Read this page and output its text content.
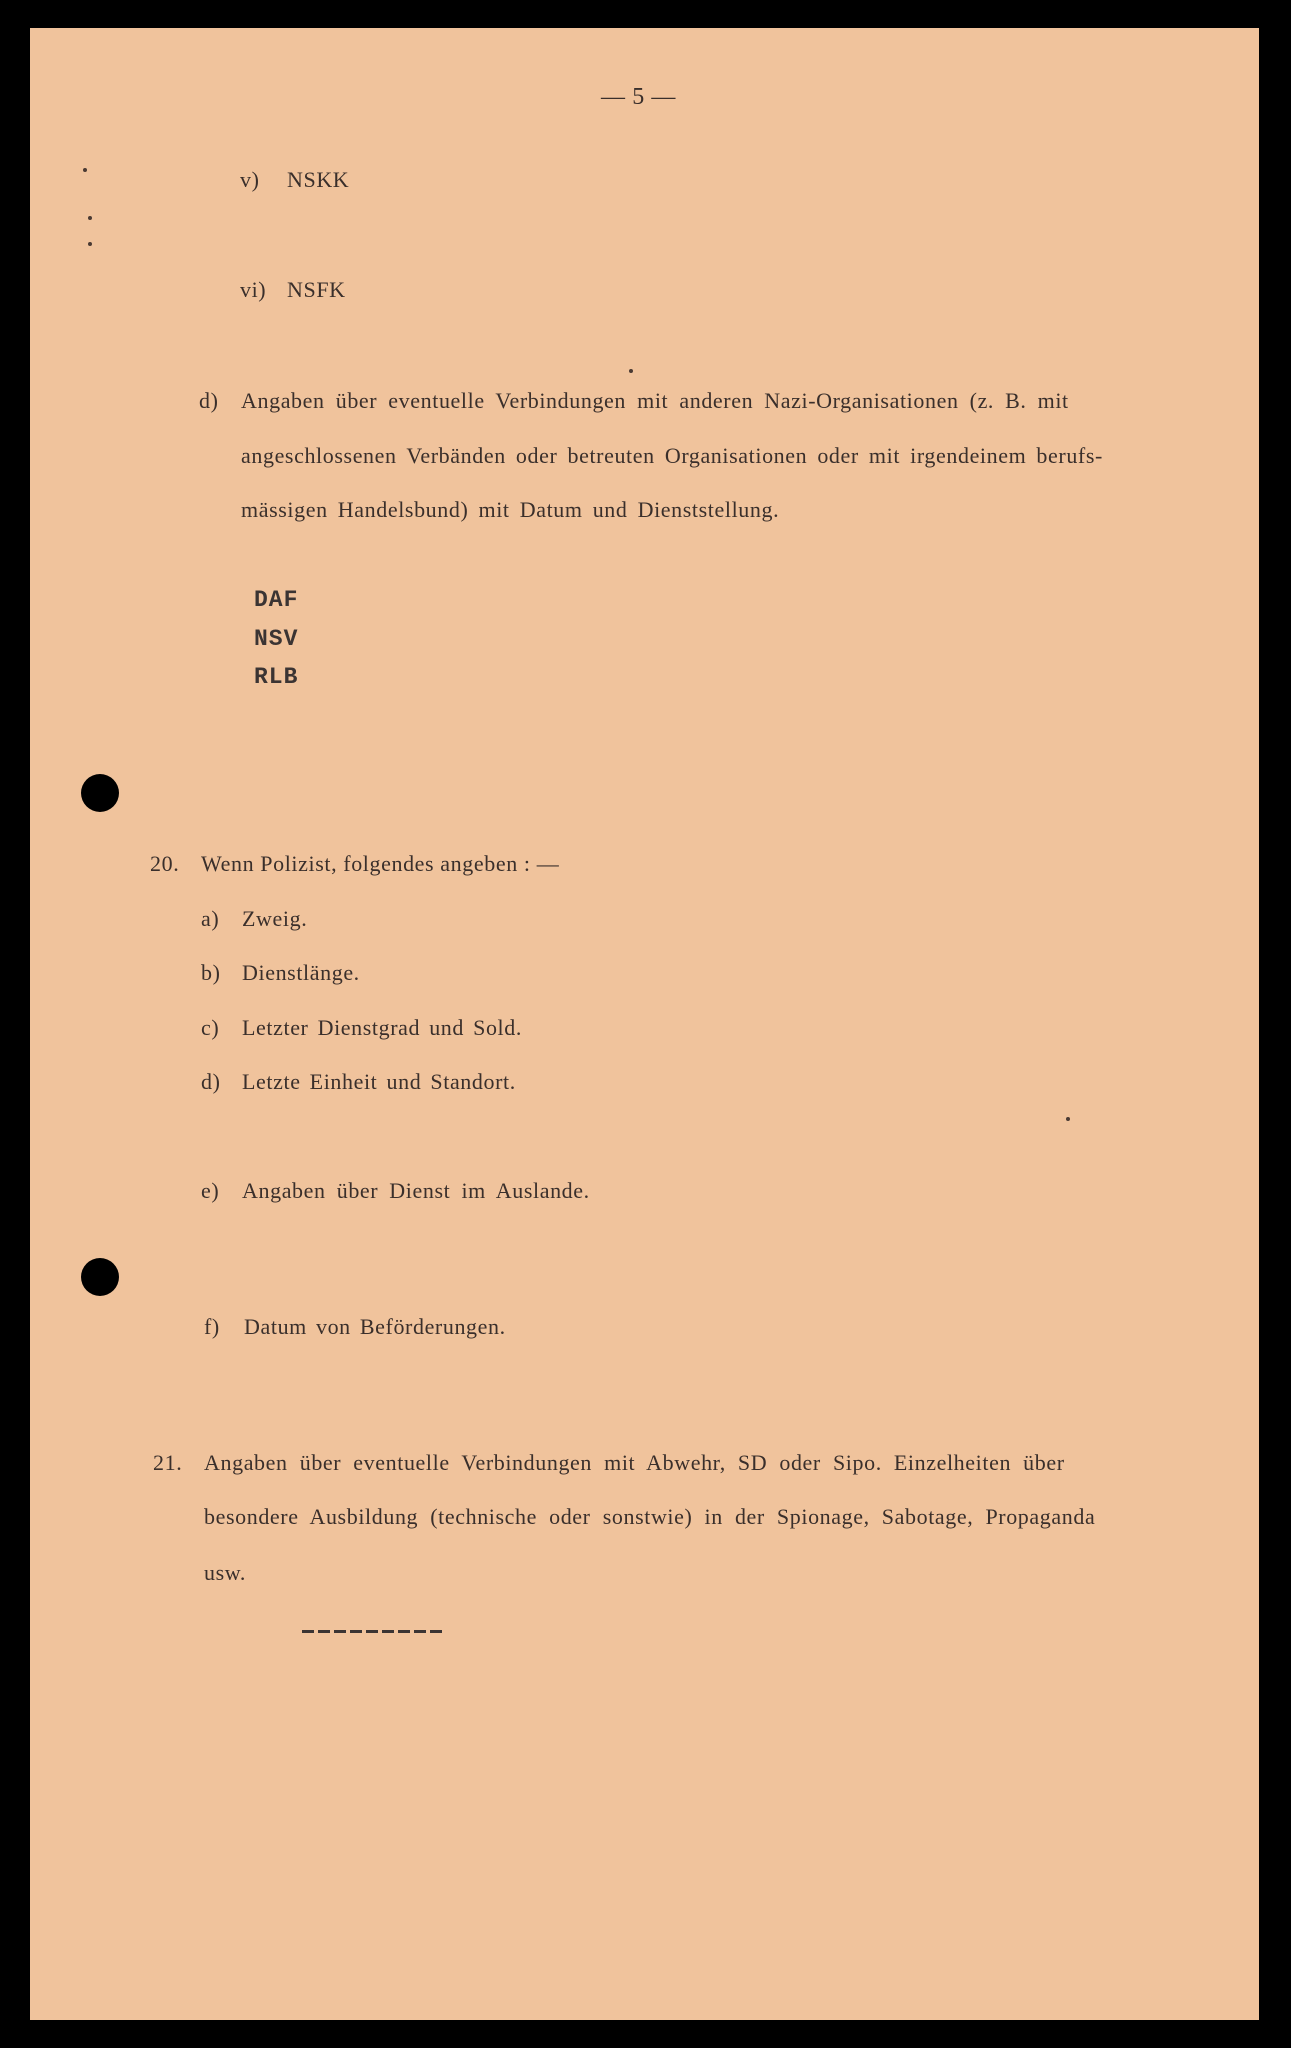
— 5 —
v) NSKK
vi) NSFK
d) Angaben über eventuelle Verbindungen mit anderen Nazi-Organisationen (z. B. mit
angeschlossenen Verbänden oder betreuten Organisationen oder mit irgendeinem berufs-
mässigen Handelsbund) mit Datum und Dienststellung.
DAF
NSV
RLB
20. Wenn Polizist, folgendes angeben : —
a) Zweig.
b) Dienstlänge.
c) Letzter Dienstgrad und Sold.
d) Letzte Einheit und Standort.
e) Angaben über Dienst im Auslande.
f) Datum von Beförderungen.
21. Angaben über eventuelle Verbindungen mit Abwehr, SD oder Sipo. Einzelheiten über
besondere Ausbildung (technische oder sonstwie) in der Spionage, Sabotage, Propaganda
usw.
